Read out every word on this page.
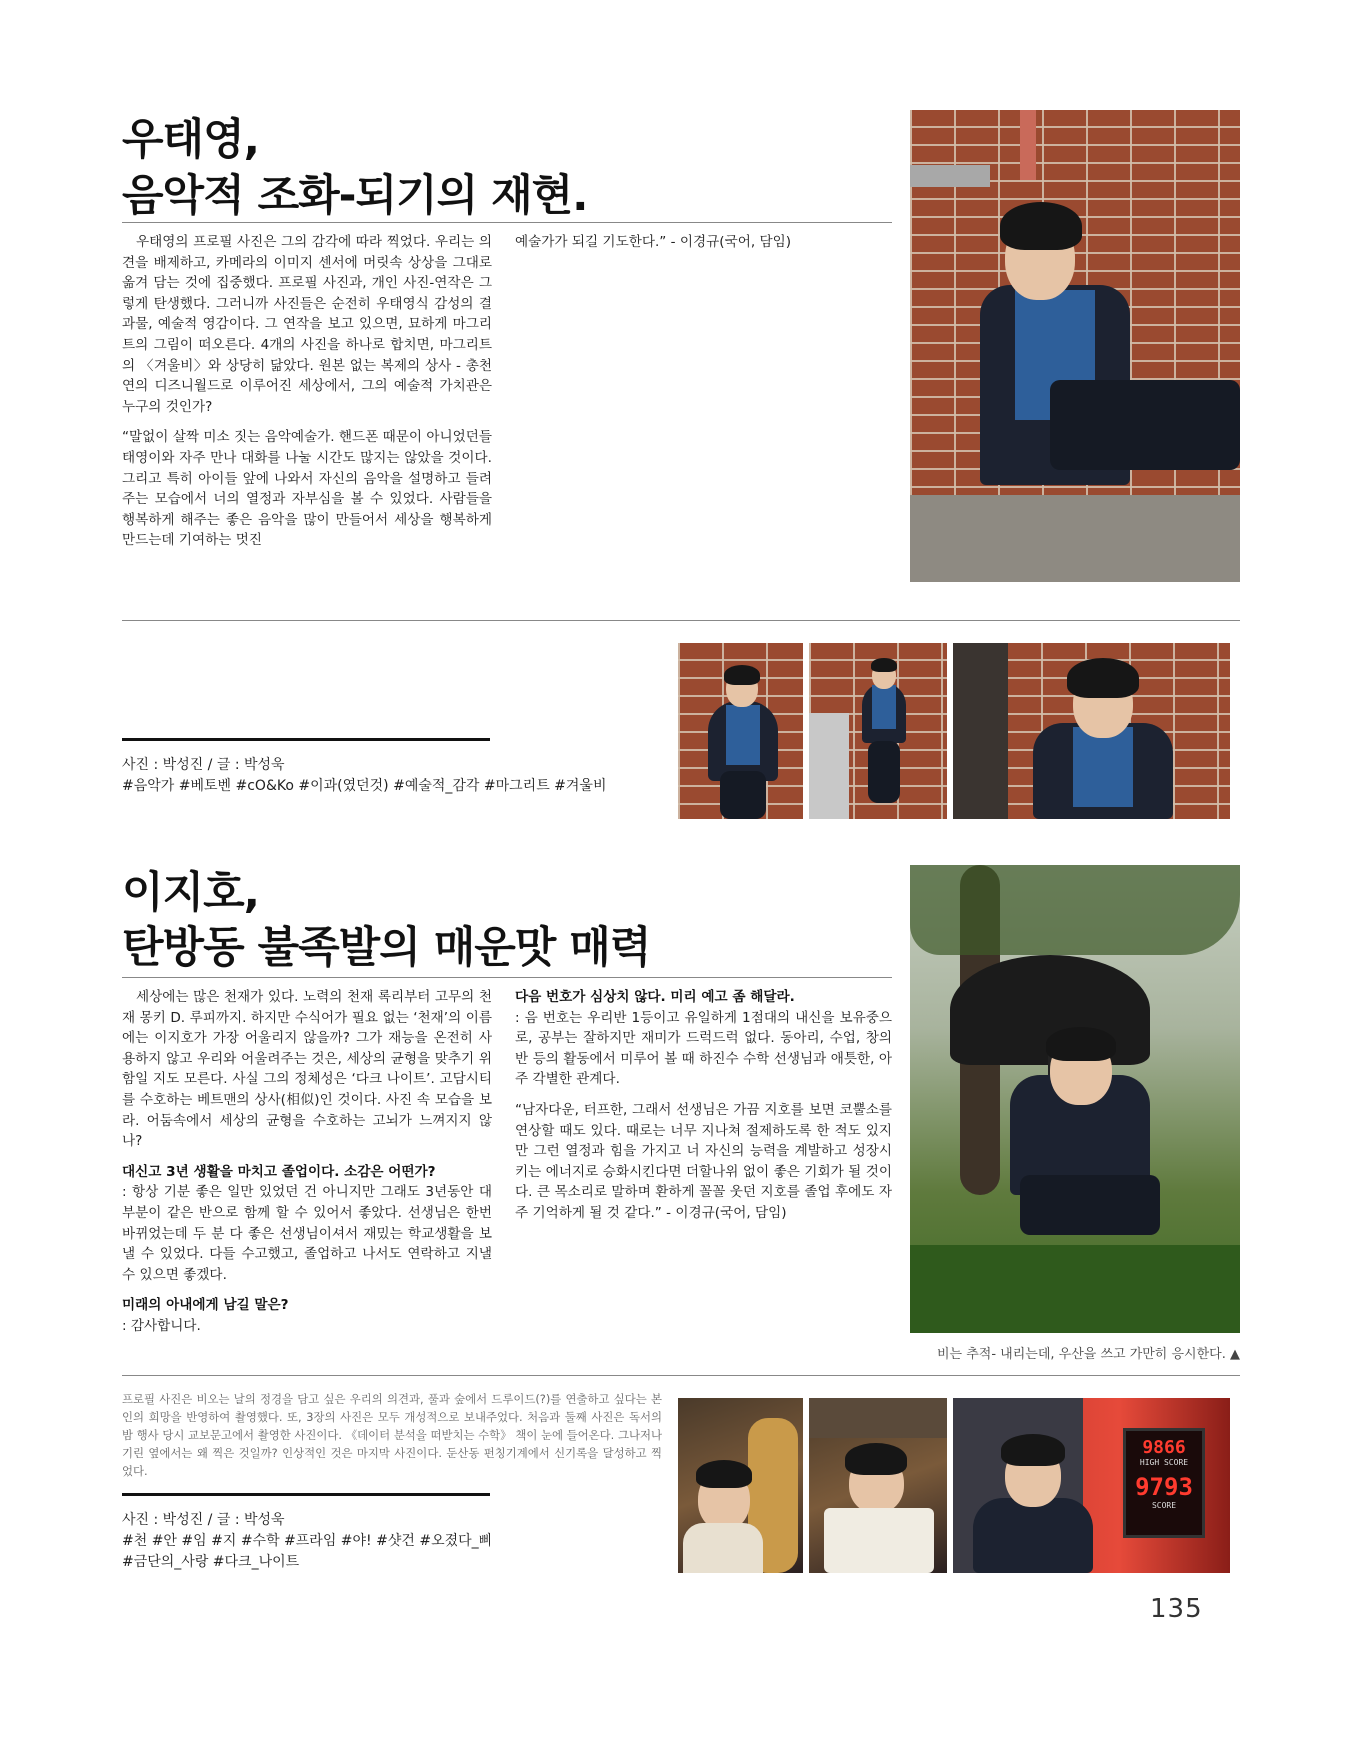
우태영,
음악적 조화-되기의 재현.

우태영의 프로필 사진은 그의 감각에 따라 찍었다. 우리는 의견을 배제하고, 카메라의 이미지 센서에 머릿속 상상을 그대로 옮겨 담는 것에 집중했다. 프로필 사진과, 개인 사진-연작은 그렇게 탄생했다. 그러니까 사진들은 순전히 우태영식 감성의 결과물, 예술적 영감이다. 그 연작을 보고 있으면, 묘하게 마그리트의 그림이 떠오른다. 4개의 사진을 하나로 합치면, 마그리트의 〈겨울비〉와 상당히 닮았다. 원본 없는 복제의 상사 - 총천연의 디즈니월드로 이루어진 세상에서, 그의 예술적 가치관은 누구의 것인가?

“말없이 살짝 미소 짓는 음악예술가. 핸드폰 때문이 아니었던들 태영이와 자주 만나 대화를 나눌 시간도 많지는 않았을 것이다. 그리고 특히 아이들 앞에 나와서 자신의 음악을 설명하고 들려주는 모습에서 너의 열정과 자부심을 볼 수 있었다. 사람들을 행복하게 해주는 좋은 음악을 많이 만들어서 세상을 행복하게 만드는데 기여하는 멋진

예술가가 되길 기도한다.” - 이경규(국어, 담임)

사진 : 박성진 / 글 : 박성욱
#음악가 #베토벤 #cO&Ko #이과(였던것) #예술적_감각 #마그리트 #겨울비
이지호,
탄방동 불족발의 매운맛 매력

세상에는 많은 천재가 있다. 노력의 천재 록리부터 고무의 천재 몽키 D. 루피까지. 하지만 수식어가 필요 없는 ‘천재’의 이름에는 이지호가 가장 어울리지 않을까? 그가 재능을 온전히 사용하지 않고 우리와 어울려주는 것은, 세상의 균형을 맞추기 위함일 지도 모른다. 사실 그의 정체성은 ‘다크 나이트’. 고담시티를 수호하는 베트맨의 상사(相似)인 것이다. 사진 속 모습을 보라. 어둠속에서 세상의 균형을 수호하는 고뇌가 느껴지지 않나?

대신고 3년 생활을 마치고 졸업이다. 소감은 어떤가?
: 항상 기분 좋은 일만 있었던 건 아니지만 그래도 3년동안 대부분이 같은 반으로 함께 할 수 있어서 좋았다. 선생님은 한번 바뀌었는데 두 분 다 좋은 선생님이셔서 재밌는 학교생활을 보낼 수 있었다. 다들 수고했고, 졸업하고 나서도 연락하고 지낼 수 있으면 좋겠다.
미래의 아내에게 남길 말은?
: 감사합니다.
다음 번호가 심상치 않다. 미리 예고 좀 해달라.
: 음 번호는 우리반 1등이고 유일하게 1점대의 내신을 보유중으로, 공부는 잘하지만 재미가 드럭드럭 없다. 동아리, 수업, 창의반 등의 활동에서 미루어 볼 때 하진수 수학 선생님과 애틋한, 아주 각별한 관계다.

“남자다운, 터프한, 그래서 선생님은 가끔 지호를 보면 코뿔소를 연상할 때도 있다. 때로는 너무 지나쳐 절제하도록 한 적도 있지만 그런 열정과 힘을 가지고 너 자신의 능력을 계발하고 성장시키는 에너지로 승화시킨다면 더할나위 없이 좋은 기회가 될 것이다. 큰 목소리로 말하며 환하게 꼴꼴 웃던 지호를 졸업 후에도 자주 기억하게 될 것 같다.” - 이경규(국어, 담임)

비는 추적- 내리는데, 우산을 쓰고 가만히 응시한다. ▲
프로필 사진은 비오는 날의 정경을 담고 싶은 우리의 의견과, 풀과 숲에서 드루이드(?)를 연출하고 싶다는 본인의 희망을 반영하여 촬영했다. 또, 3장의 사진은 모두 개성적으로 보내주었다. 처음과 둘째 사진은 독서의 밤 행사 당시 교보문고에서 촬영한 사진이다. 《데이터 분석을 떠받치는 수학》 책이 눈에 들어온다. 그나저나 기린 옆에서는 왜 찍은 것일까? 인상적인 것은 마지막 사진이다. 둔산동 펀칭기계에서 신기록을 달성하고 찍었다.
사진 : 박성진 / 글 : 박성욱
#천 #안 #임 #지 #수학 #프라임 #야! #샷건 #오졌다_삐
#금단의_사랑 #다크_나이트
9866
HIGH SCORE
9793
SCORE
135
